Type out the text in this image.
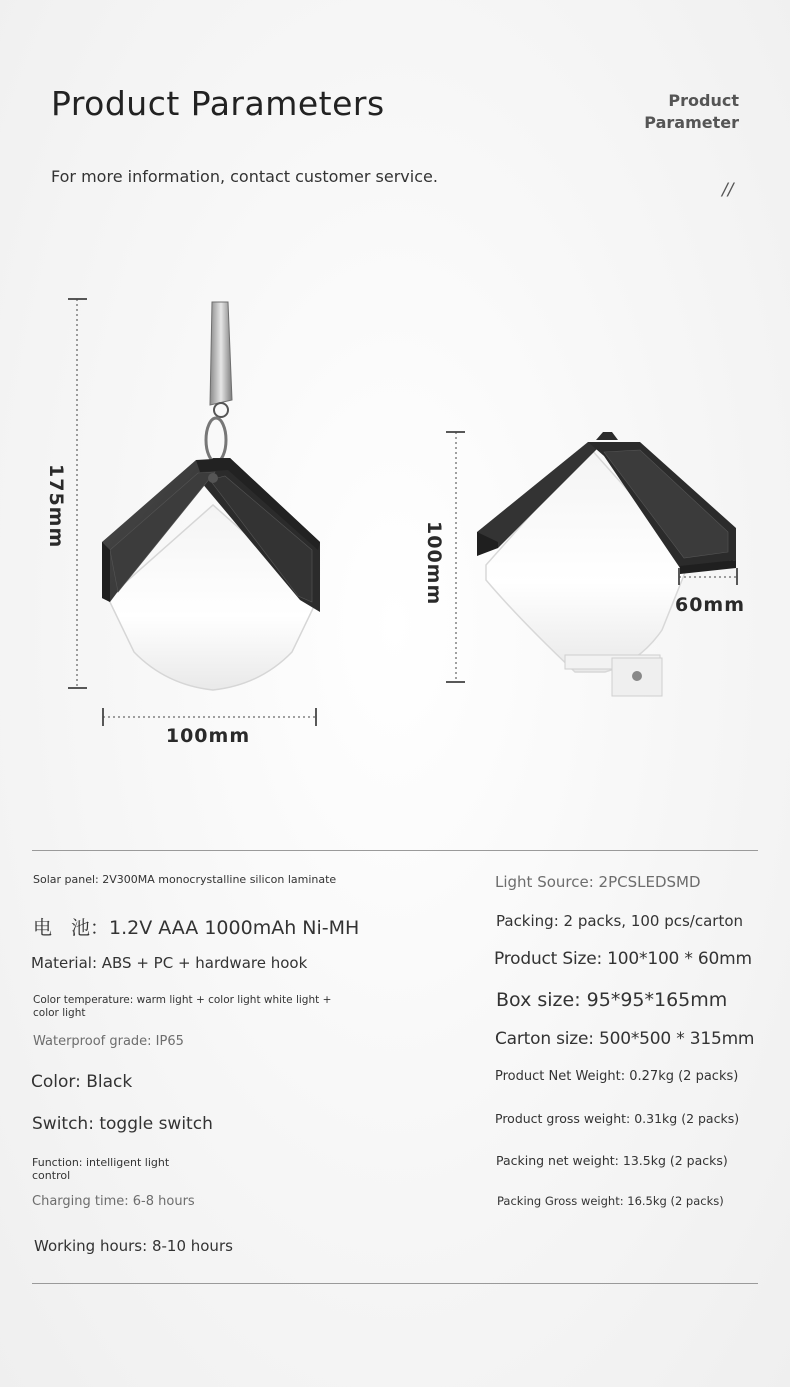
Product Parameters	Product
Parameter
For more information, contact customer service.
//
175mm
100mm
100mm	60mm
Solar panel: 2V300MA monocrystalline silicon laminate
电　池：1.2V AAA 1000mAh Ni-MH
Material: ABS + PC + hardware hook
Color temperature: warm light + color light white light + color light
Waterproof grade: IP65
Color: Black
Switch: toggle switch
Function: intelligent light control
Charging time: 6-8 hours
Working hours: 8-10 hours
Light Source: 2PCSLEDSMD
Packing: 2 packs, 100 pcs/carton
Product Size: 100*100 * 60mm
Box size: 95*95*165mm
Carton size: 500*500 * 315mm
Product Net Weight: 0.27kg (2 packs)
Product gross weight: 0.31kg (2 packs)
Packing net weight: 13.5kg (2 packs)
Packing Gross weight: 16.5kg (2 packs)
